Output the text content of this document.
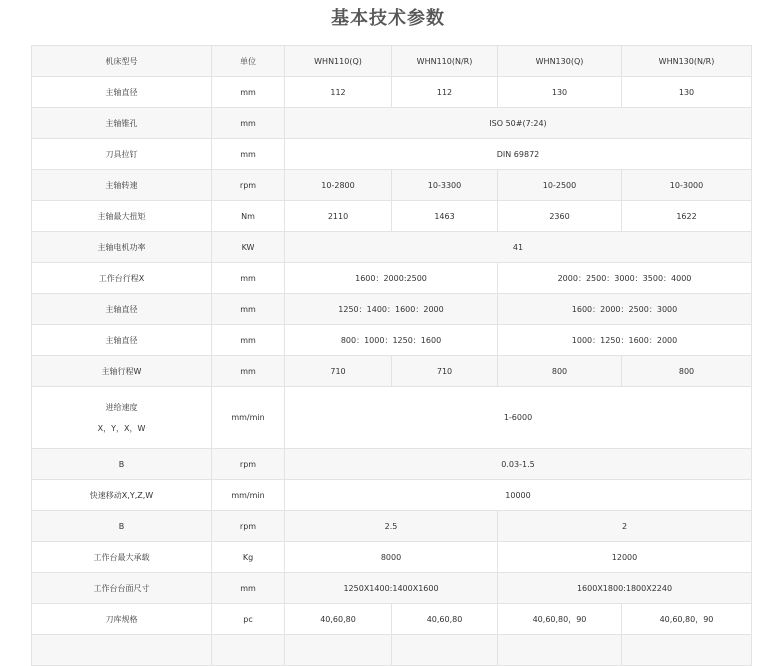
基本技术参数
机床型号	单位	WHN110(Q)	WHN110(N/R)	WHN130(Q)	WHN130(N/R)
主轴直径	mm	112	112	130	130
主轴锥孔	mm	ISO 50#(7:24)			
刀具拉钉	mm	DIN 69872			
主轴转速	rpm	10-2800	10-3300	10-2500	10-3000
主轴最大扭矩	Nm	2110	1463	2360	1622
主轴电机功率	KW	41			
工作台行程X	mm	1600：2000:2500		2000：2500：3000：3500：4000	
主轴直径	mm	1250：1400：1600：2000		1600：2000：2500：3000	
主轴直径	mm	800：1000：1250：1600		1000：1250：1600：2000	
主轴行程W	mm	710	710	800	800

进给速度
X，Y，X，W	mm/min	1-6000			
B	rpm	0.03-1.5			
快速移动X,Y,Z,W	mm/min	10000			
B	rpm	2.5		2	
工作台最大承载	Kg	8000		12000	
工作台台面尺寸	mm	1250X1400:1400X1600		1600X1800:1800X2240	
刀库规格	pc	40,60,80	40,60,80	40,60,80，90	40,60,80，90
